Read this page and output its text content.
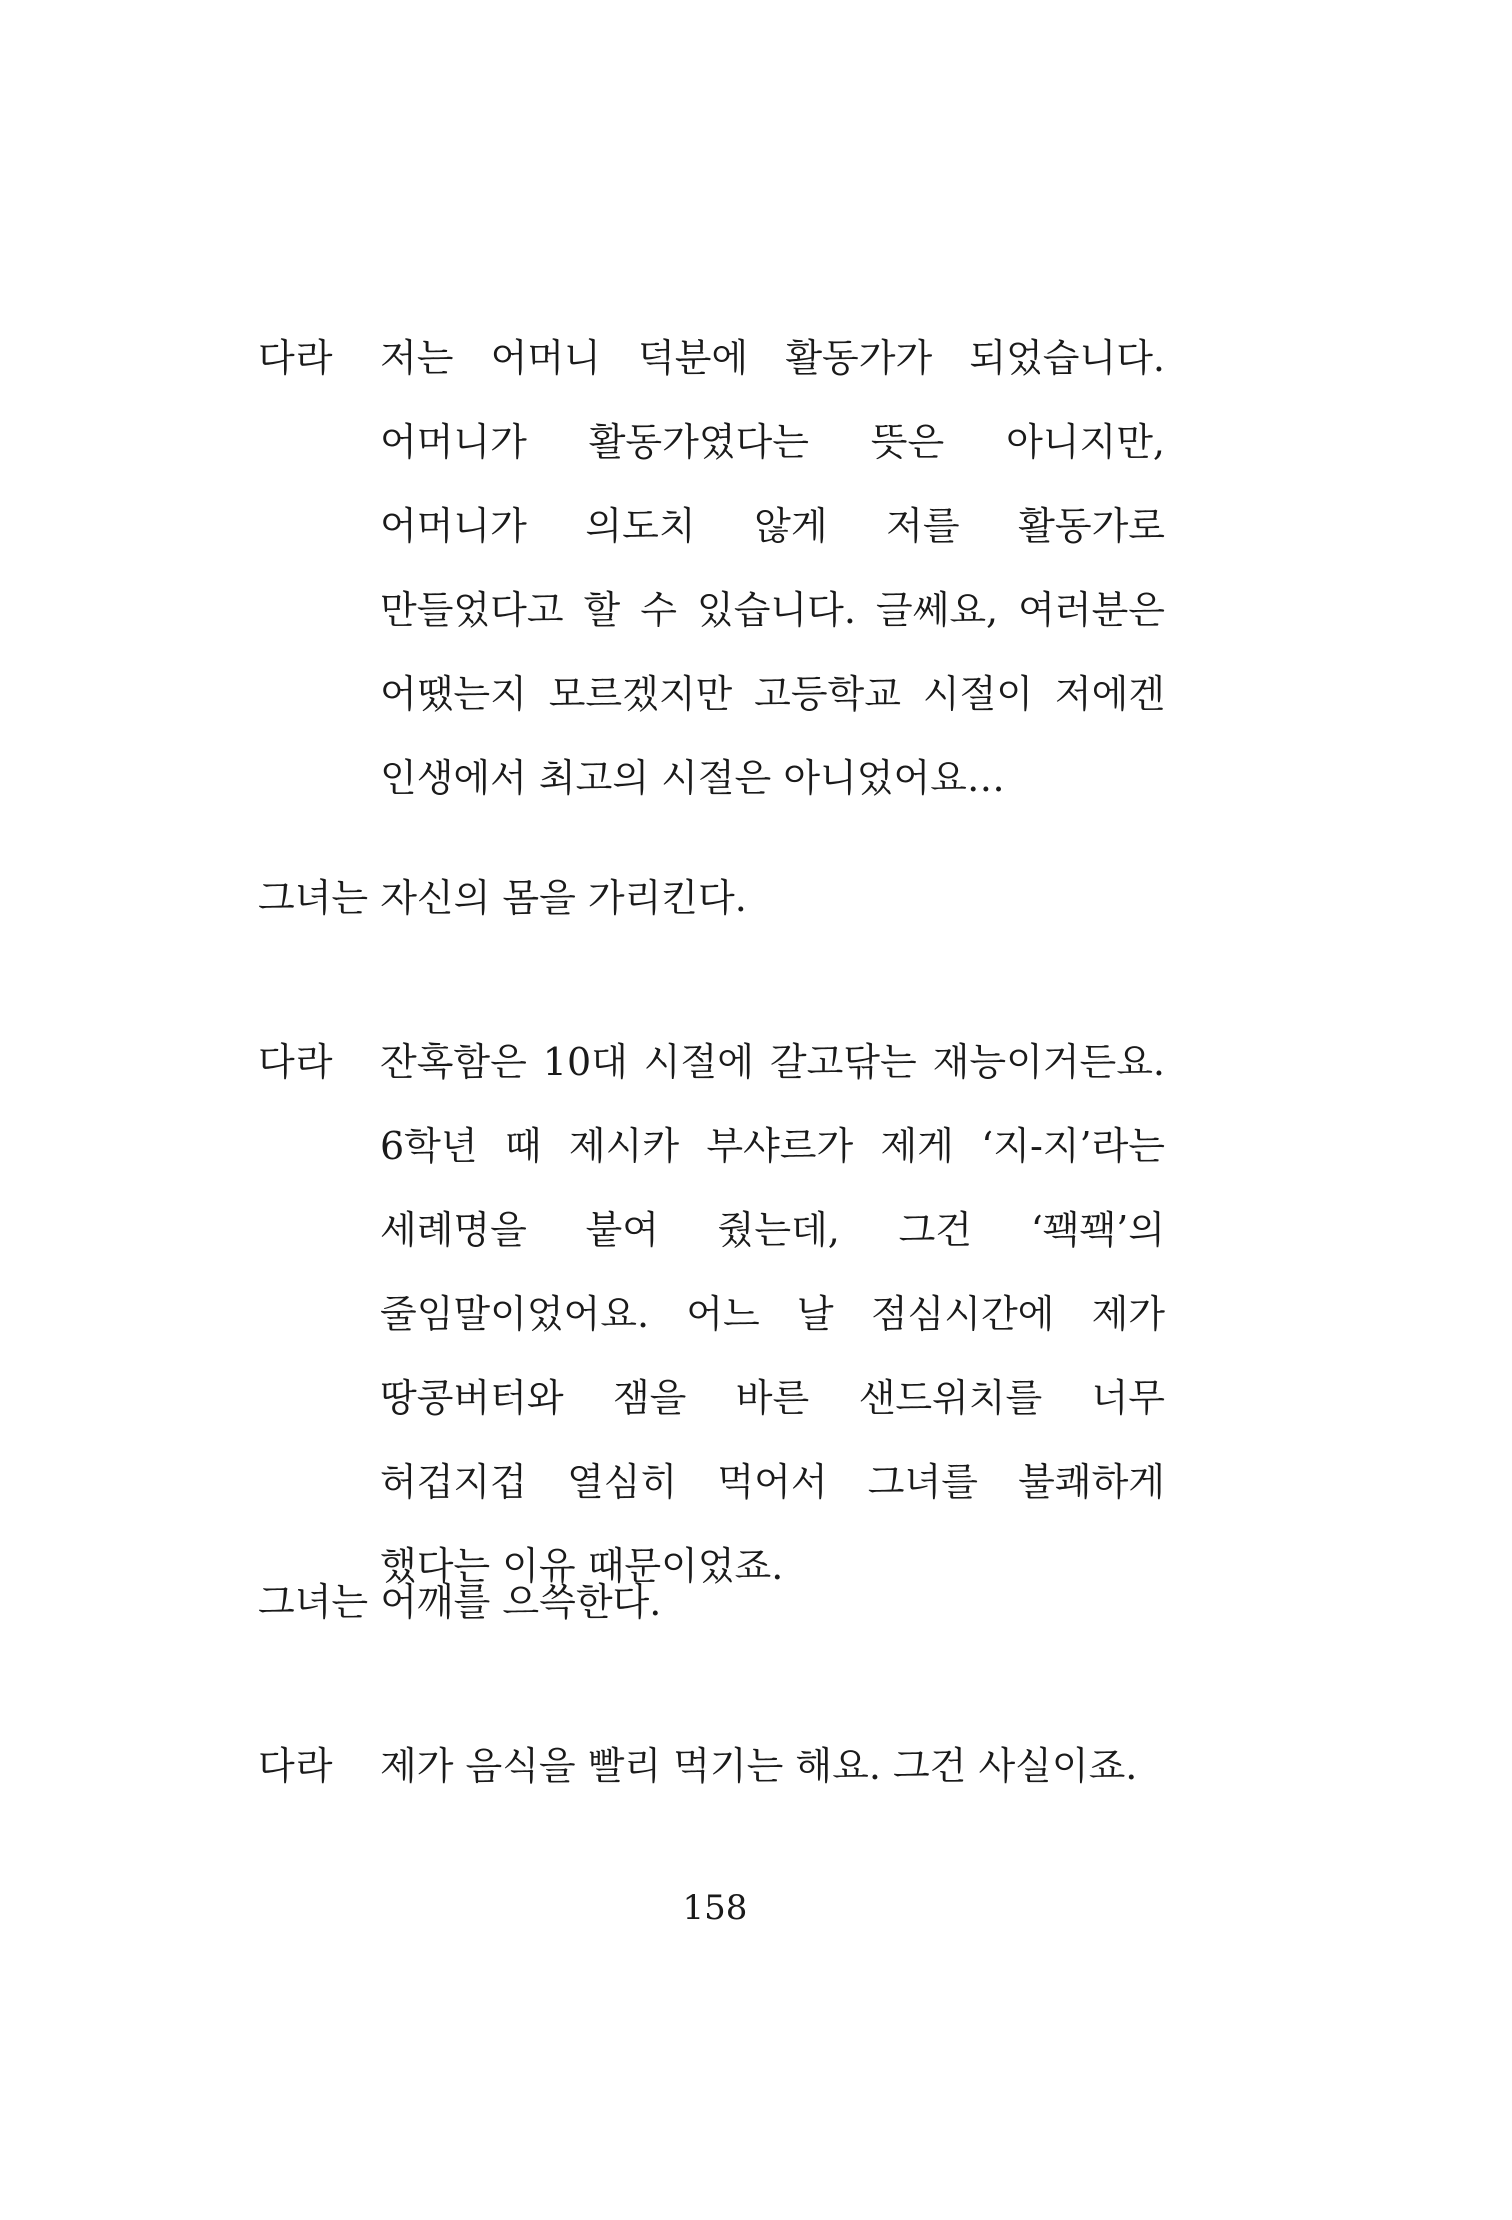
다라 저는 어머니 덕분에 활동가가 되었습니다. 어머니가 활동가였다는 뜻은 아니지만, 어머니가 의도치 않게 저를 활동가로 만들었다고 할 수 있습니다. 글쎄요, 여러분은 어땠는지 모르겠지만 고등학교 시절이 저에겐 인생에서 최고의 시절은 아니었어요…

그녀는 자신의 몸을 가리킨다.

다라 잔혹함은 10대 시절에 갈고닦는 재능이거든요. 6학년 때 제시카 부샤르가 제게 ‘지-지’라는 세례명을 붙여 줬는데, 그건 ‘꽥꽥’의 줄임말이었어요. 어느 날 점심시간에 제가 땅콩버터와 잼을 바른 샌드위치를 너무 허겁지겁 열심히 먹어서 그녀를 불쾌하게 했다는 이유 때문이었죠.

그녀는 어깨를 으쓱한다.

다라 제가 음식을 빨리 먹기는 해요. 그건 사실이죠.

158
